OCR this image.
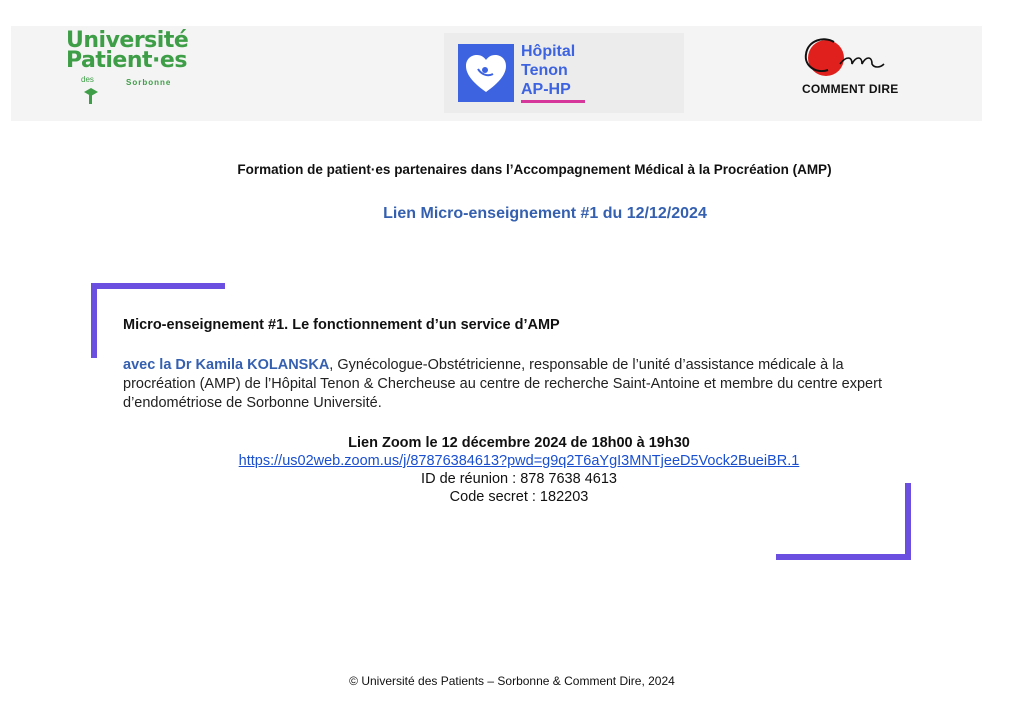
Université
Patient·es
des	Sorbonne
Hôpital
Tenon
AP-HP	COMMENT DIRE
Formation de patient·es partenaires dans l’Accompagnement Médical à la Procréation (AMP)
Lien Micro-enseignement #1 du 12/12/2024
Micro-enseignement #1. Le fonctionnement d’un service d’AMP
avec la Dr Kamila KOLANSKA, Gynécologue-Obstétricienne, responsable de l’unité d’assistance médicale à la procréation (AMP) de l’Hôpital Tenon & Chercheuse au centre de recherche Saint-Antoine et membre du centre expert d’endométriose de Sorbonne Université.
Lien Zoom le 12 décembre 2024 de 18h00 à 19h30
https://us02web.zoom.us/j/87876384613?pwd=g9q2T6aYgI3MNTjeeD5Vock2BueiBR.1
ID de réunion : 878 7638 4613
Code secret : 182203
© Université des Patients – Sorbonne & Comment Dire, 2024
